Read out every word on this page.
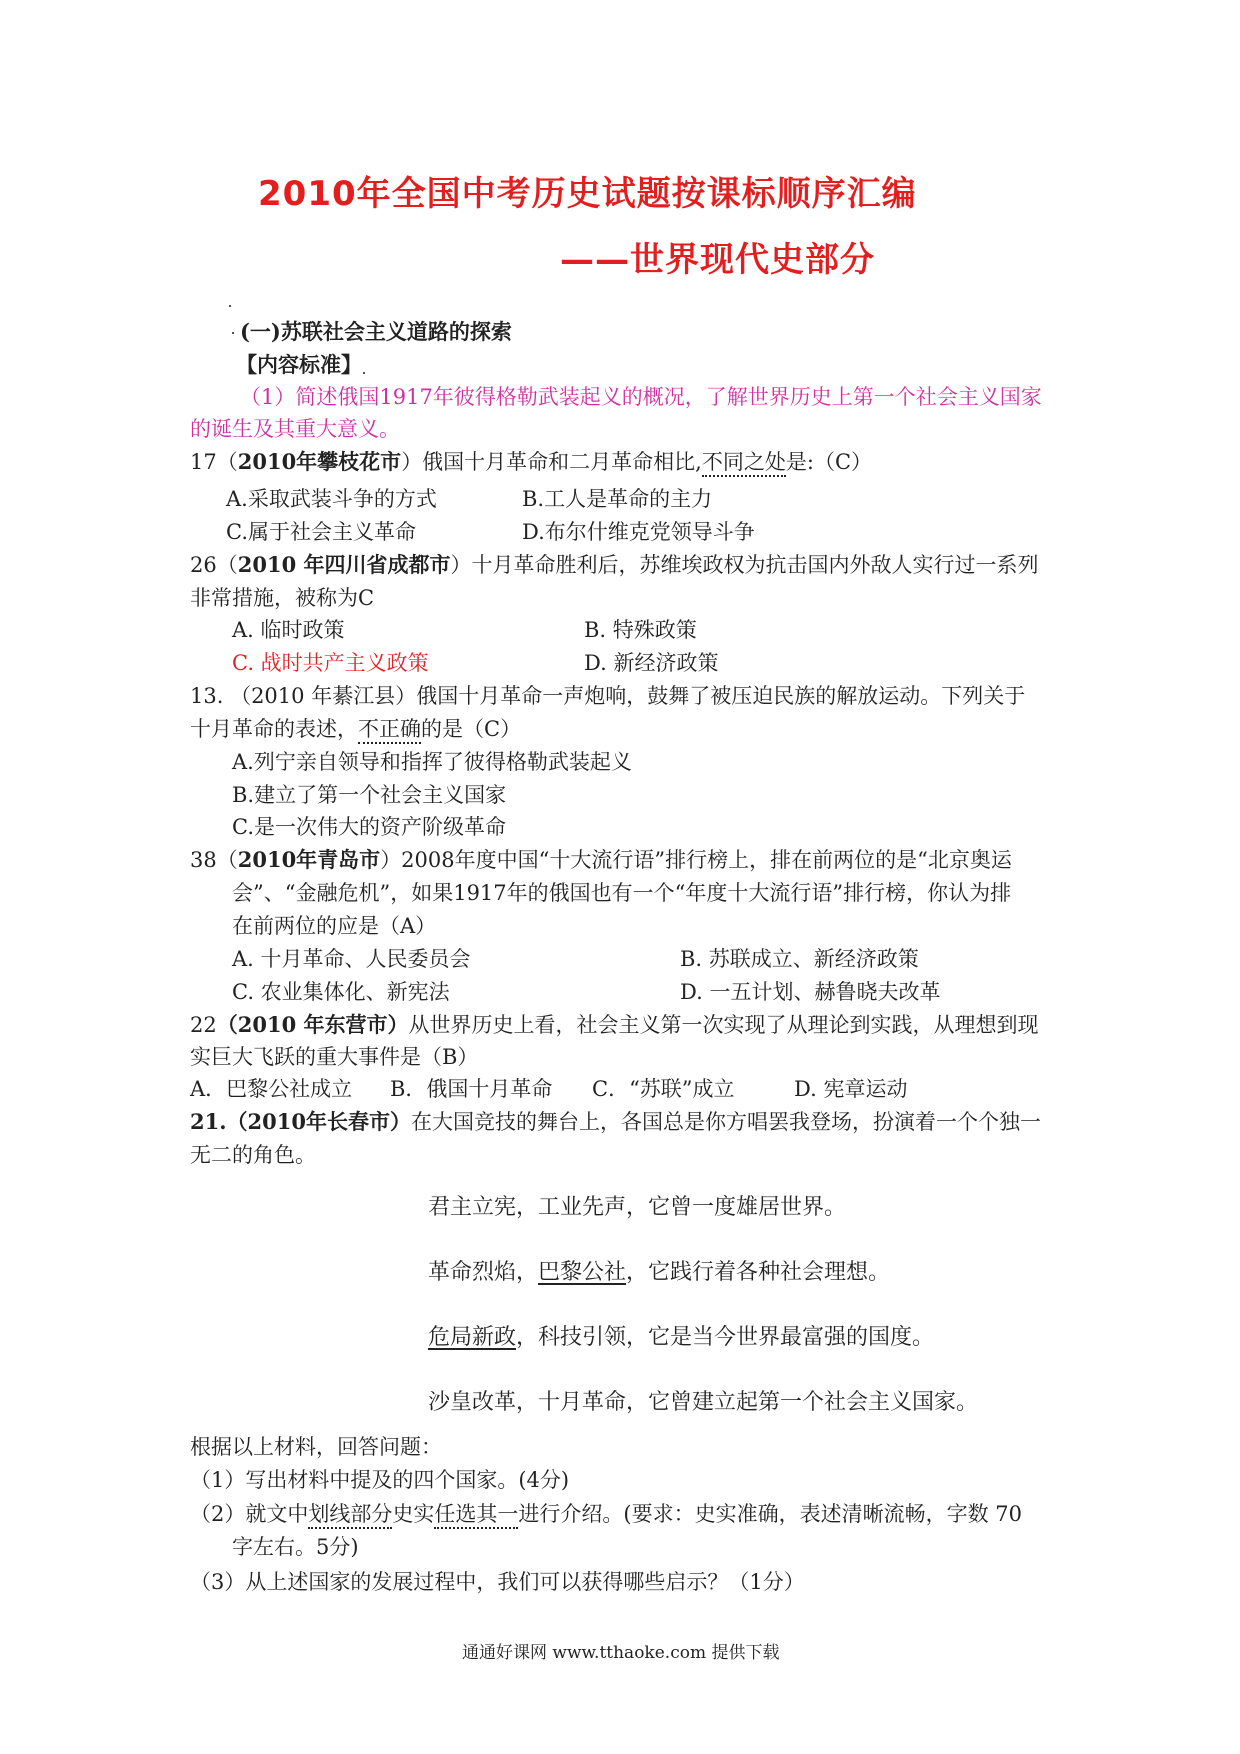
2010年全国中考历史试题按课标顺序汇编
——世界现代史部分
(一)苏联社会主义道路的探索
【内容标准】
（1）简述俄国1917年彼得格勒武装起义的概况，了解世界历史上第一个社会主义国家
的诞生及其重大意义。
17（2010年攀枝花市）俄国十月革命和二月革命相比,不同之处是:（C）
A.采取武装斗争的方式	B.工人是革命的主力
C.属于社会主义革命	D.布尔什维克党领导斗争
26（2010 年四川省成都市）十月革命胜利后，苏维埃政权为抗击国内外敌人实行过一系列
非常措施，被称为C
A. 临时政策	B. 特殊政策
C. 战时共产主义政策	D. 新经济政策
13. （2010 年綦江县）俄国十月革命一声炮响，鼓舞了被压迫民族的解放运动。下列关于
十月革命的表述，不正确的是（C）
A.列宁亲自领导和指挥了彼得格勒武装起义
B.建立了第一个社会主义国家
C.是一次伟大的资产阶级革命
38（2010年青岛市）2008年度中国“十大流行语”排行榜上，排在前两位的是“北京奥运
会”、“金融危机”，如果1917年的俄国也有一个“年度十大流行语”排行榜，你认为排
在前两位的应是（A）
A. 十月革命、人民委员会	B. 苏联成立、新经济政策
C. 农业集体化、新宪法	D. 一五计划、赫鲁晓夫改革
22（2010 年东营市）从世界历史上看，社会主义第一次实现了从理论到实践，从理想到现
实巨大飞跃的重大事件是（B）
A．巴黎公社成立 B．俄国十月革命 C．“苏联”成立	D. 宪章运动
21.（2010年长春市）在大国竞技的舞台上，各国总是你方唱罢我登场，扮演着一个个独一
无二的角色。
君主立宪，工业先声，它曾一度雄居世界。
革命烈焰，巴黎公社，它践行着各种社会理想。
危局新政，科技引领，它是当今世界最富强的国度。
沙皇改革，十月革命，它曾建立起第一个社会主义国家。
根据以上材料，回答问题：
（1）写出材料中提及的四个国家。(4分)
（2）就文中划线部分史实任选其一进行介绍。(要求：史实准确，表述清晰流畅，字数 70
字左右。5分)
（3）从上述国家的发展过程中，我们可以获得哪些启示？（1分）
通通好课网 www.tthaoke.com 提供下载
